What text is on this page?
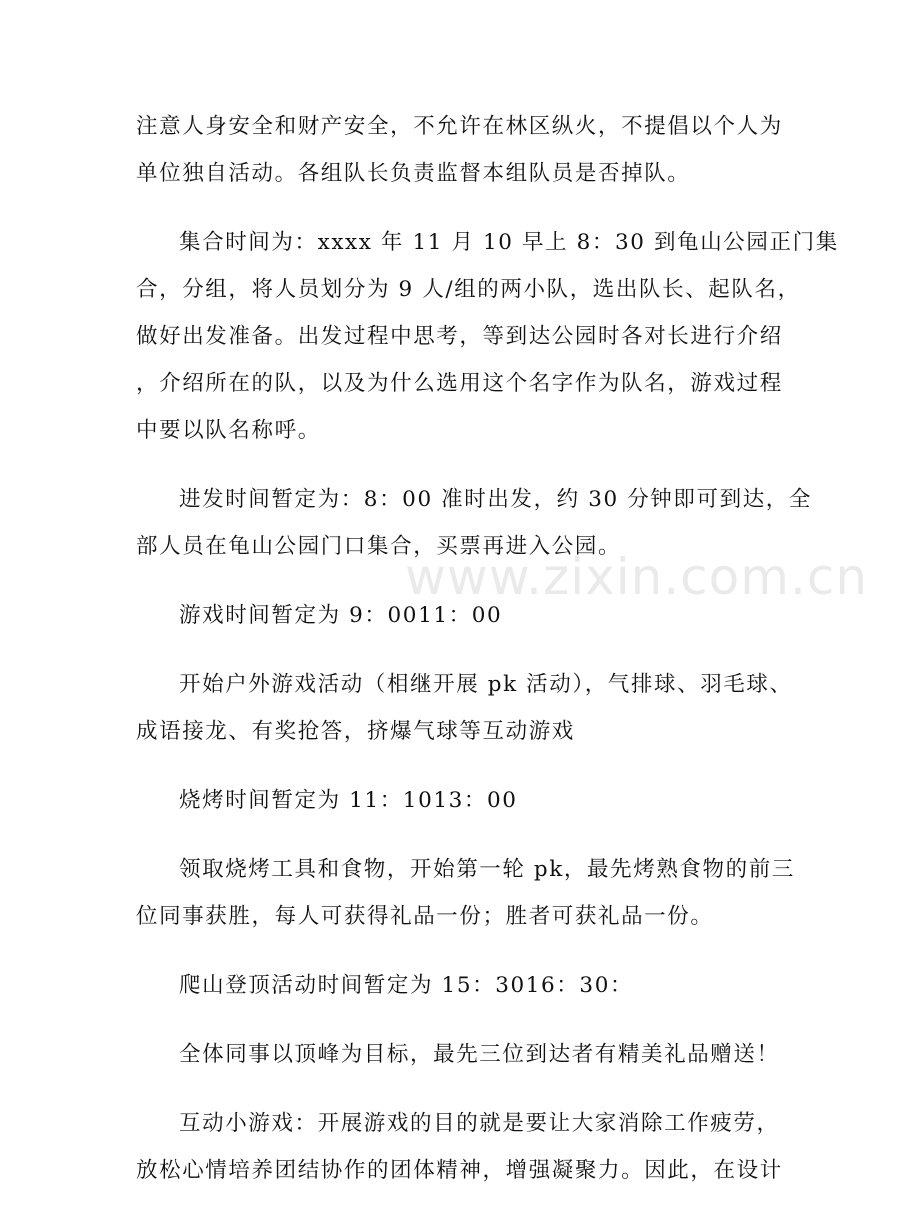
注意人身安全和财产安全，不允许在林区纵火，不提倡以个人为
单位独自活动。各组队长负责监督本组队员是否掉队。

集合时间为：xxxx 年 11 月 10 早上 8：30 到龟山公园正门集
合，分组，将人员划分为 9 人/组的两小队，选出队长、起队名，
做好出发准备。出发过程中思考，等到达公园时各对长进行介绍
，介绍所在的队，以及为什么选用这个名字作为队名，游戏过程
中要以队名称呼。

进发时间暂定为：8：00 准时出发，约 30 分钟即可到达，全
部人员在龟山公园门口集合，买票再进入公园。

游戏时间暂定为 9：0011：00

开始户外游戏活动（相继开展 pk 活动），气排球、羽毛球、
成语接龙、有奖抢答，挤爆气球等互动游戏

烧烤时间暂定为 11：1013：00

领取烧烤工具和食物，开始第一轮 pk，最先烤熟食物的前三
位同事获胜，每人可获得礼品一份；胜者可获礼品一份。

爬山登顶活动时间暂定为 15：3016：30：

全体同事以顶峰为目标，最先三位到达者有精美礼品赠送！

互动小游戏：开展游戏的目的就是要让大家消除工作疲劳，
放松心情培养团结协作的团体精神，增强凝聚力。因此，在设计

www.zixin.com.cn
